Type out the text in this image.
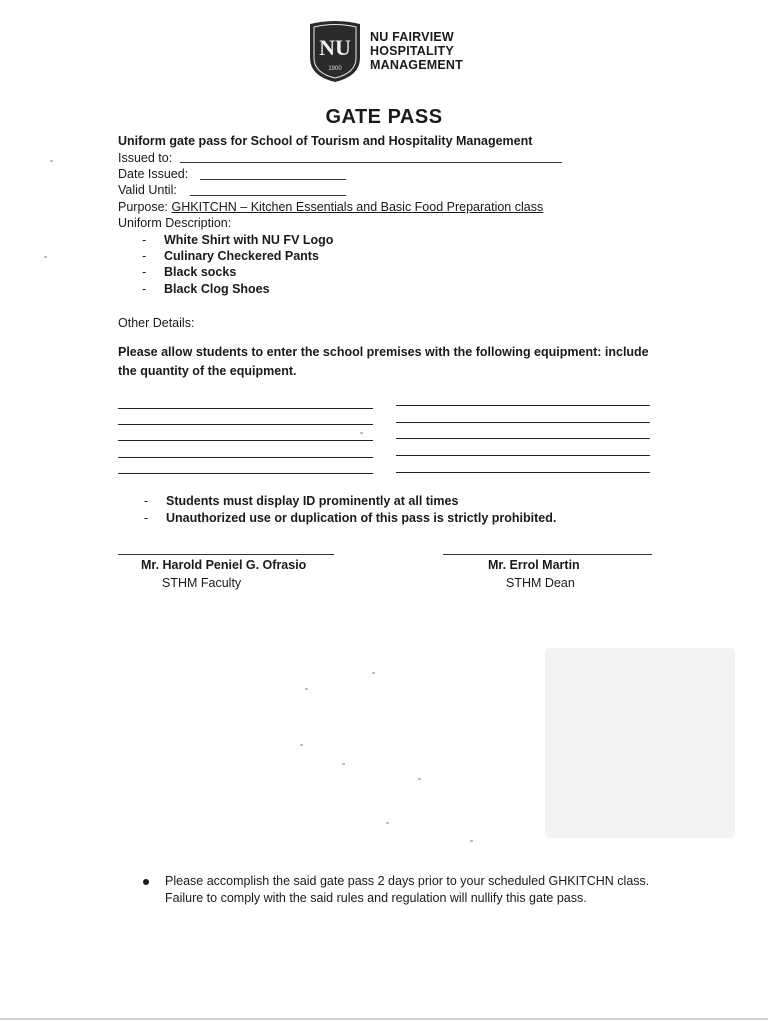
NU
1900
NU FAIRVIEW
HOSPITALITY
MANAGEMENT
GATE PASS
Uniform gate pass for School of Tourism and Hospitality Management
Issued to:
Date Issued:
Valid Until:
Purpose: GHKITCHN – Kitchen Essentials and Basic Food Preparation class
Uniform Description:
- White Shirt with NU FV Logo
- Culinary Checkered Pants
- Black socks
- Black Clog Shoes
Other Details:
Please allow students to enter the school premises with the following equipment: include
the quantity of the equipment.
- Students must display ID prominently at all times
- Unauthorized use or duplication of this pass is strictly prohibited.
Mr. Harold Peniel G. Ofrasio
STHM Faculty
Mr. Errol Martin
STHM Dean
Please accomplish the said gate pass 2 days prior to your scheduled GHKITCHN class.
Failure to comply with the said rules and regulation will nullify this gate pass.
